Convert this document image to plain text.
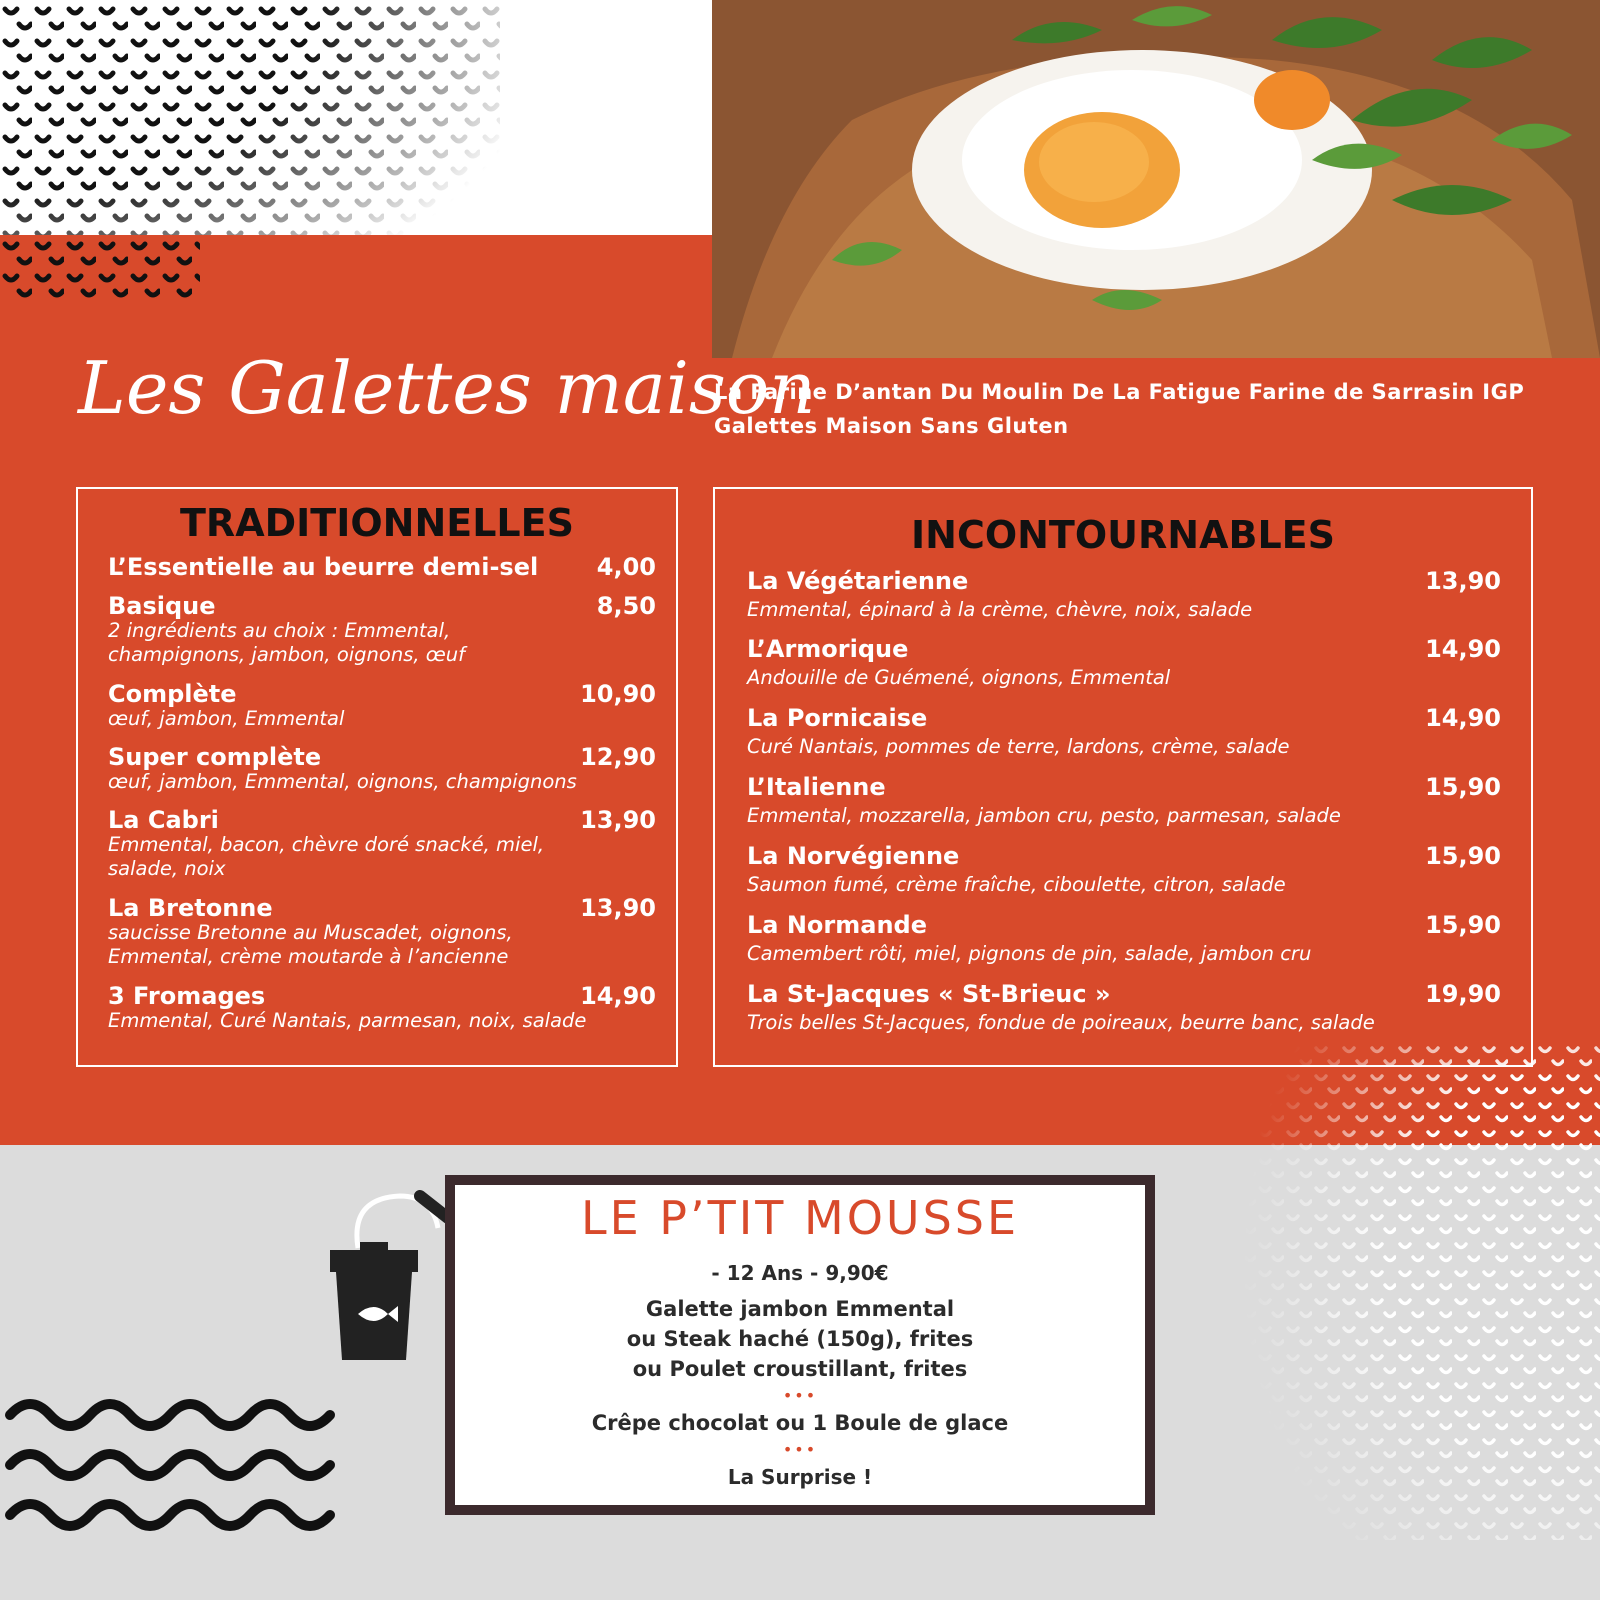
Les Galettes maison
La Farine D’antan Du Moulin De La Fatigue Farine de Sarrasin IGP
Galettes Maison Sans Gluten
TRADITIONNELLES
L’Essentielle au beurre demi-sel 4,00
Basique	8,50
2 ingrédients au choix : Emmental,
champignons, jambon, oignons, œuf
Complète	10,90
œuf, jambon, Emmental
Super complète	12,90
œuf, jambon, Emmental, oignons, champignons
La Cabri	13,90
Emmental, bacon, chèvre doré snacké, miel,
salade, noix
La Bretonne	13,90
saucisse Bretonne au Muscadet, oignons,
Emmental, crème moutarde à l’ancienne
3 Fromages	14,90
Emmental, Curé Nantais, parmesan, noix, salade
INCONTOURNABLES
La Végétarienne	13,90
Emmental, épinard à la crème, chèvre, noix, salade
L’Armorique	14,90
Andouille de Guémené, oignons, Emmental
La Pornicaise	14,90
Curé Nantais, pommes de terre, lardons, crème, salade
L’Italienne	15,90
Emmental, mozzarella, jambon cru, pesto, parmesan, salade
La Norvégienne	15,90
Saumon fumé, crème fraîche, ciboulette, citron, salade
La Normande	15,90
Camembert rôti, miel, pignons de pin, salade, jambon cru
La St-Jacques « St-Brieuc »	19,90
Trois belles St-Jacques, fondue de poireaux, beurre banc, salade
LE P’TIT MOUSSE
- 12 Ans - 9,90€
Galette jambon Emmental
ou Steak haché (150g), frites
ou Poulet croustillant, frites
•••
Crêpe chocolat ou 1 Boule de glace
•••
La Surprise !
